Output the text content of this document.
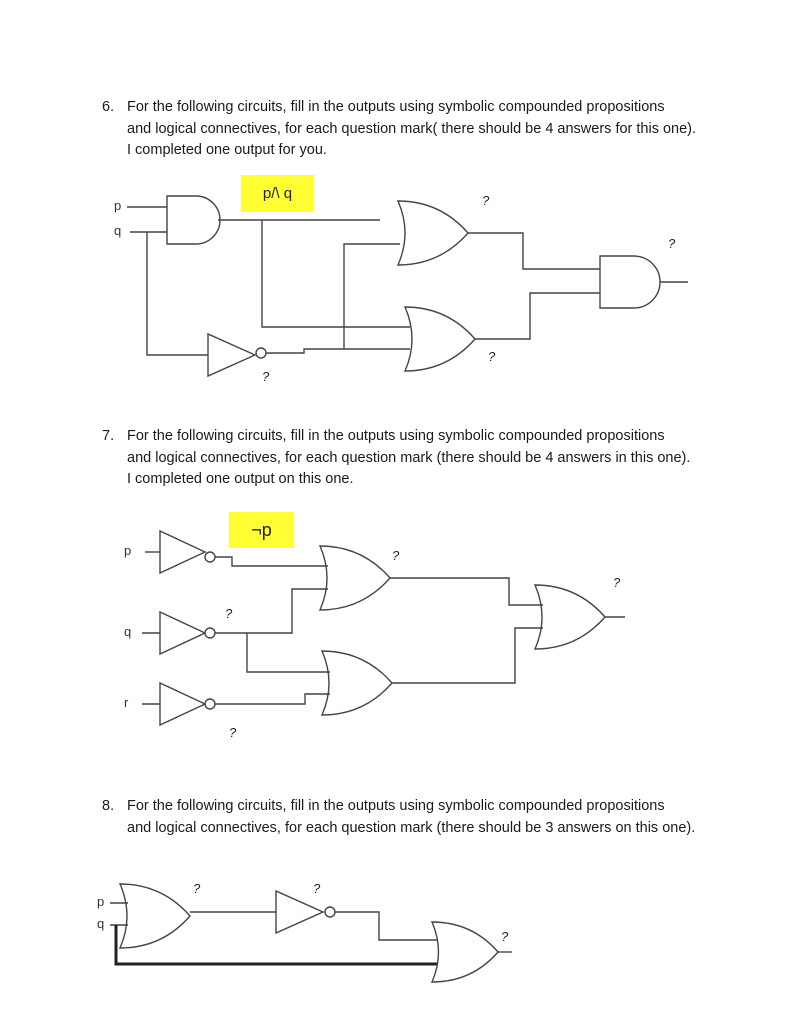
6. For the following circuits, fill in the outputs using symbolic compounded propositions
and logical connectives, for each question mark( there should be 4 answers for this one).
I completed one output for you.
p
q
p/\ q	?
?
?
?
7. For the following circuits, fill in the outputs using symbolic compounded propositions
and logical connectives, for each question mark (there should be 4 answers in this one).
I completed one output on this one.
p
q
r
¬p
?
?
?
?
8. For the following circuits, fill in the outputs using symbolic compounded propositions
and logical connectives, for each question mark (there should be 3 answers on this one).
p
q
?	?
?
